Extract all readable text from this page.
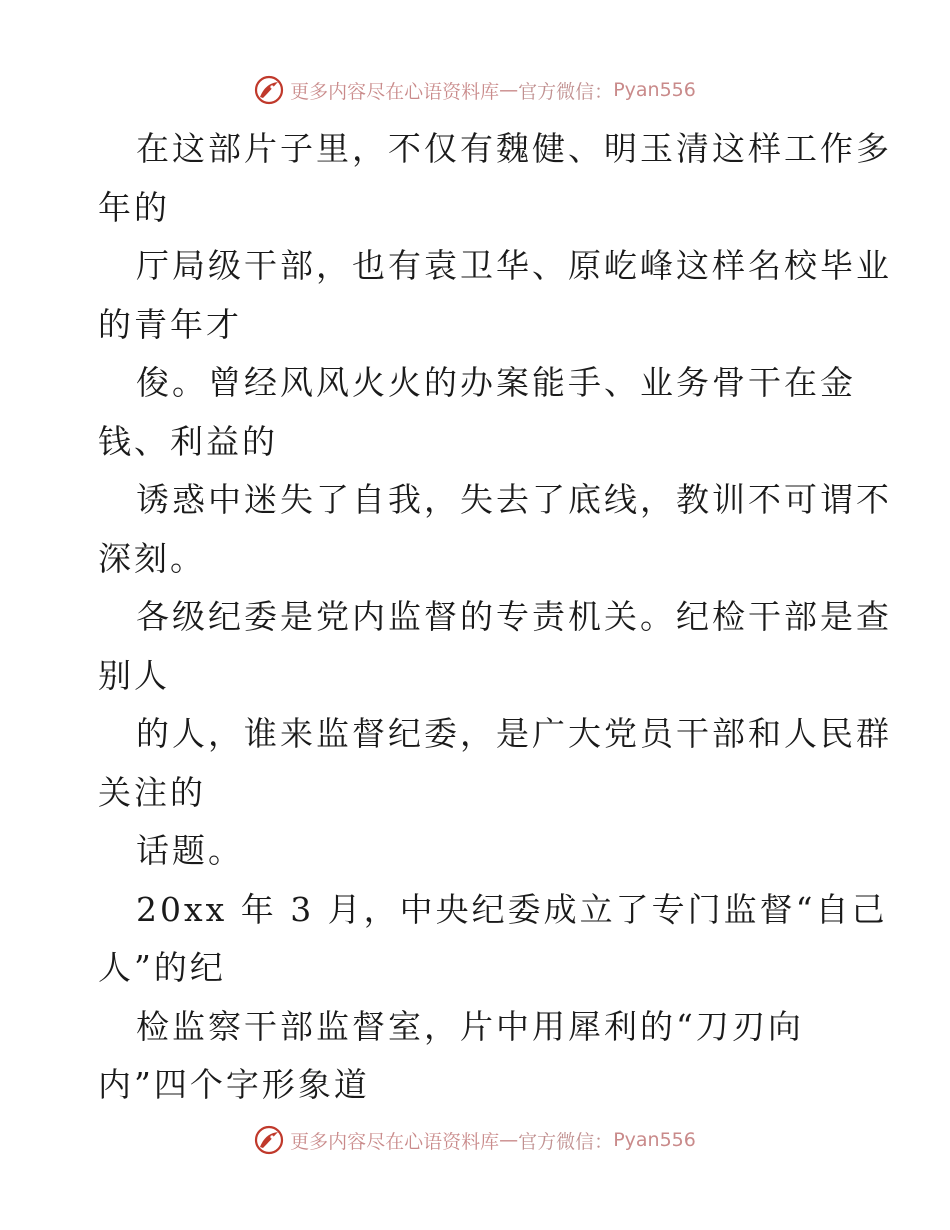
更多内容尽在心语资料库 — 官方微信： Pyan556
在这部片子里，不仅有魏健、明玉清这样工作多
年的
厅局级干部，也有袁卫华、原屹峰这样名校毕业
的青年才
俊。曾经风风火火的办案能手、业务骨干在金
钱、利益的
诱惑中迷失了自我，失去了底线，教训不可谓不
深刻。
各级纪委是党内监督的专责机关。纪检干部是查
别人
的人，谁来监督纪委，是广大党员干部和人民群
关注的
话题。
20xx 年 3 月，中央纪委成立了专门监督“自己
人”的纪
检监察干部监督室，片中用犀利的“刀刃向
内”四个字形象道
更多内容尽在心语资料库 — 官方微信： Pyan556
